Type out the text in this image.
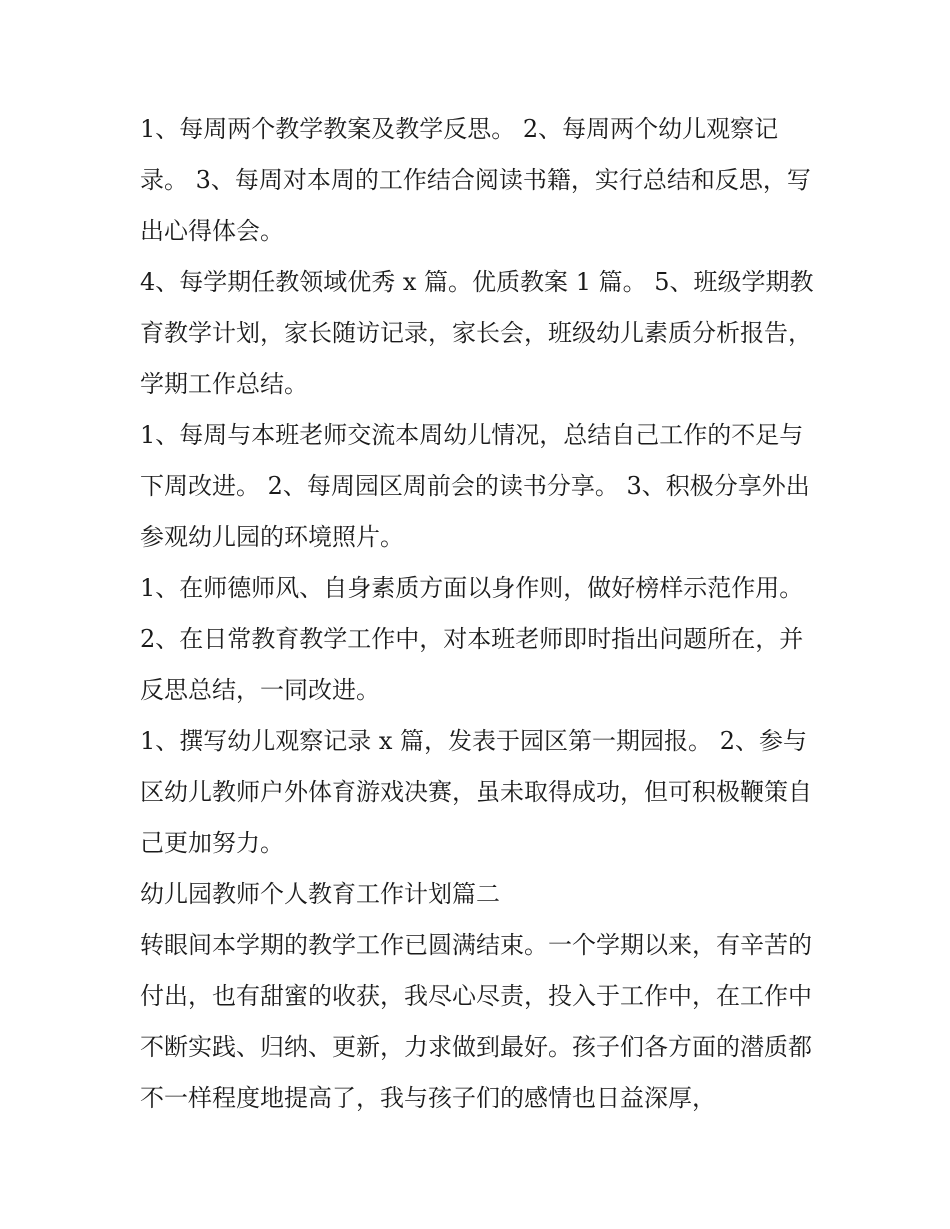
1、每周两个教学教案及教学反思。 2、每周两个幼儿观察记录。 3、每周对本周的工作结合阅读书籍，实行总结和反思，写出心得体会。

4、每学期任教领域优秀 x 篇。优质教案 1 篇。 5、班级学期教育教学计划，家长随访记录，家长会，班级幼儿素质分析报告，学期工作总结。

1、每周与本班老师交流本周幼儿情况，总结自己工作的不足与下周改进。 2、每周园区周前会的读书分享。 3、积极分享外出参观幼儿园的环境照片。

1、在师德师风、自身素质方面以身作则，做好榜样示范作用。 2、在日常教育教学工作中，对本班老师即时指出问题所在，并反思总结，一同改进。

1、撰写幼儿观察记录 x 篇，发表于园区第一期园报。 2、参与区幼儿教师户外体育游戏决赛，虽未取得成功，但可积极鞭策自己更加努力。

幼儿园教师个人教育工作计划篇二

转眼间本学期的教学工作已圆满结束。一个学期以来，有辛苦的付出，也有甜蜜的收获，我尽心尽责，投入于工作中，在工作中不断实践、归纳、更新，力求做到最好。孩子们各方面的潜质都不一样程度地提高了，我与孩子们的感情也日益深厚，
